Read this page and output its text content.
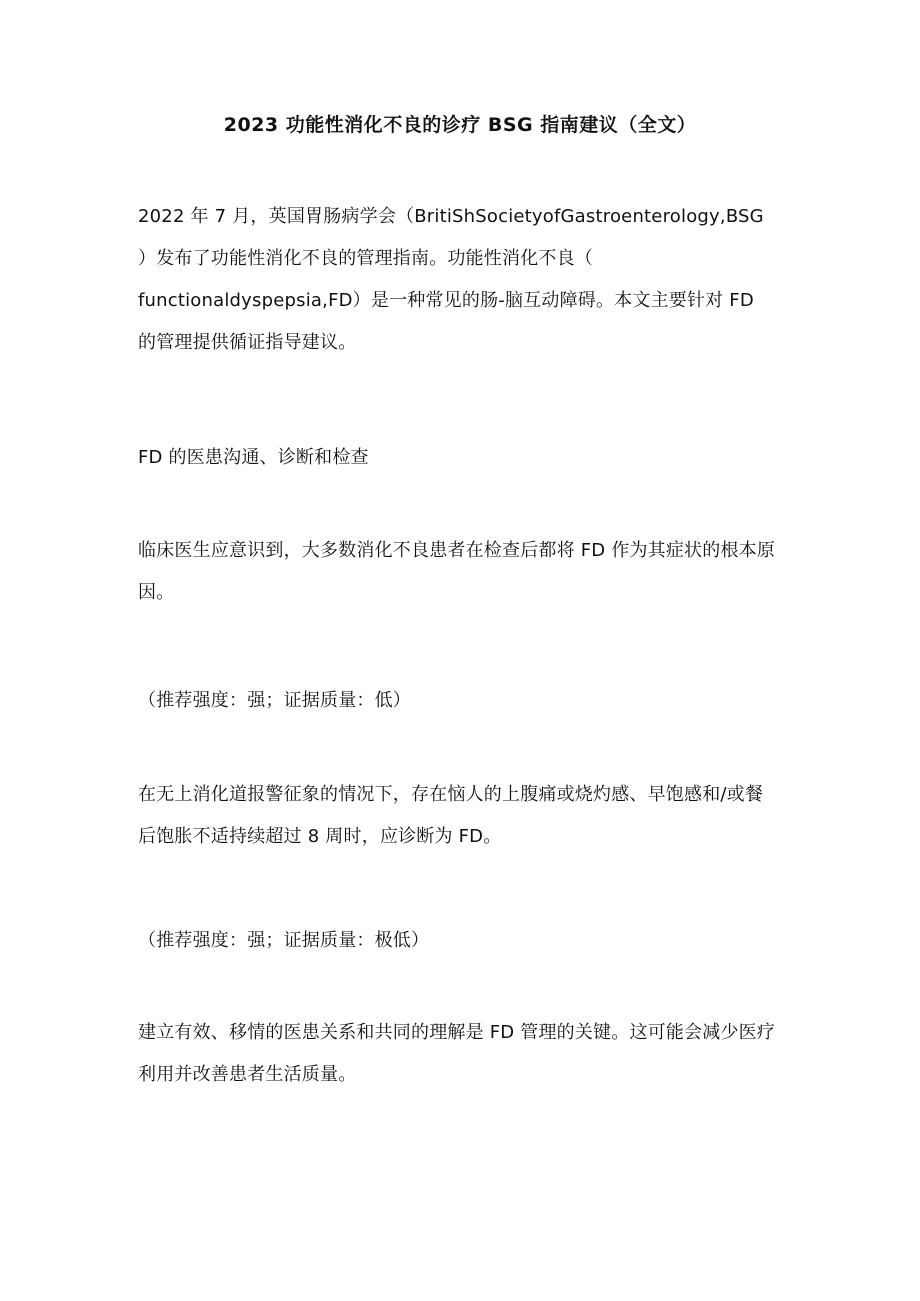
2023 功能性消化不良的诊疗 BSG 指南建议（全文）

2022 年 7 月，英国胃肠病学会（BritiShSocietyofGastroenterology,BSG
）发布了功能性消化不良的管理指南。功能性消化不良（
functionaldyspepsia,FD）是一种常见的肠-脑互动障碍。本文主要针对 FD
的管理提供循证指导建议。

FD 的医患沟通、诊断和检查

临床医生应意识到，大多数消化不良患者在检查后都将 FD 作为其症状的根本原
因。

（推荐强度：强；证据质量：低）

在无上消化道报警征象的情况下，存在恼人的上腹痛或烧灼感、早饱感和/或餐
后饱胀不适持续超过 8 周时，应诊断为 FD。

（推荐强度：强；证据质量：极低）

建立有效、移情的医患关系和共同的理解是 FD 管理的关键。这可能会减少医疗
利用并改善患者生活质量。
